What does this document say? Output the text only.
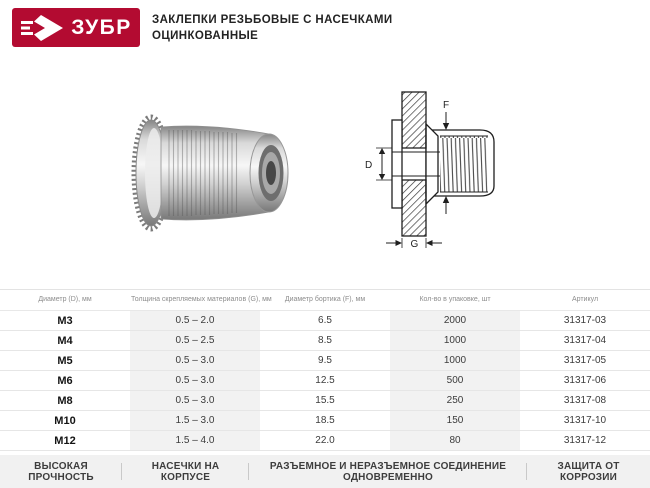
ЗУБР ЗАКЛЕПКИ РЕЗЬБОВЫЕ С НАСЕЧКАМИ
ОЦИНКОВАННЫЕ
F
D
G
Диаметр (D), мм	Толщина скрепляемых материалов (G), мм	Диаметр бортика (F), мм	Кол-во в упаковке, шт	Артикул
М3	0.5 – 2.0	6.5	2000	31317-03
М4	0.5 – 2.5	8.5	1000	31317-04
М5	0.5 – 3.0	9.5	1000	31317-05
М6	0.5 – 3.0	12.5	500	31317-06
М8	0.5 – 3.0	15.5	250	31317-08
М10	1.5 – 3.0	18.5	150	31317-10
М12	1.5 – 4.0	22.0	80	31317-12
ВЫСОКАЯ ПРОЧНОСТЬ
НАСЕЧКИ НА КОРПУСЕ
РАЗЪЕМНОЕ И НЕРАЗЪЕМНОЕ СОЕДИНЕНИЕ ОДНОВРЕМЕННО
ЗАЩИТА ОТ КОРРОЗИИ
